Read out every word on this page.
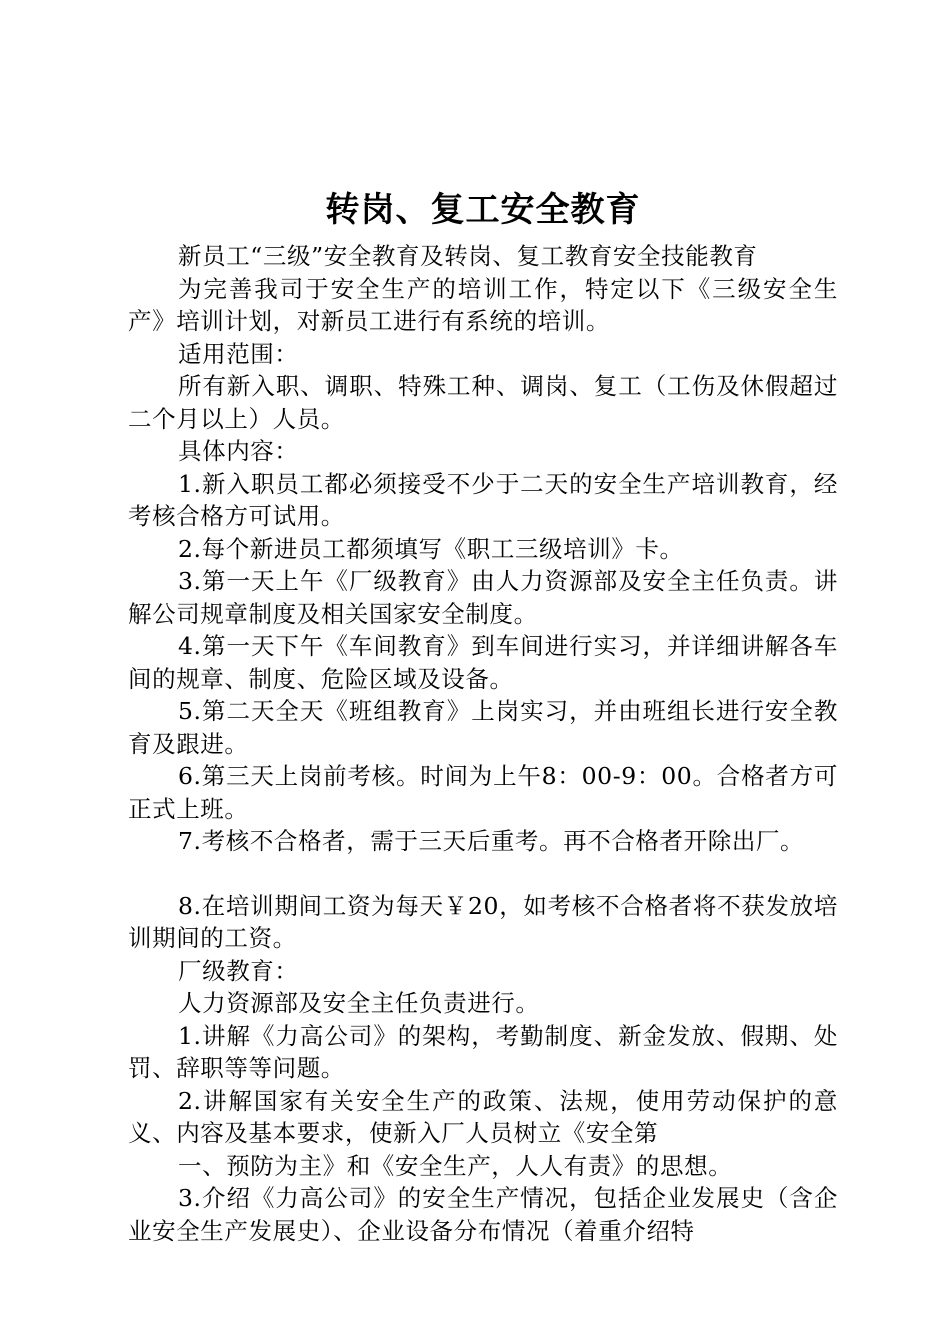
转岗、复工安全教育

新员工“三级”安全教育及转岗、复工教育安全技能教育

为完善我司于安全生产的培训工作，特定以下《三级安全生产》培训计划，对新员工进行有系统的培训。

适用范围：

所有新入职、调职、特殊工种、调岗、复工（工伤及休假超过二个月以上）人员。

具体内容：

1.新入职员工都必须接受不少于二天的安全生产培训教育，经考核合格方可试用。

2.每个新进员工都须填写《职工三级培训》卡。

3.第一天上午《厂级教育》由人力资源部及安全主任负责。讲解公司规章制度及相关国家安全制度。

4.第一天下午《车间教育》到车间进行实习，并详细讲解各车间的规章、制度、危险区域及设备。

5.第二天全天《班组教育》上岗实习，并由班组长进行安全教育及跟进。

6.第三天上岗前考核。时间为上午8：00-9：00。合格者方可正式上班。

7.考核不合格者，需于三天后重考。再不合格者开除出厂。

8.在培训期间工资为每天￥20，如考核不合格者将不获发放培训期间的工资。

厂级教育：

人力资源部及安全主任负责进行。

1.讲解《力高公司》的架构，考勤制度、新金发放、假期、处罚、辞职等等问题。

2.讲解国家有关安全生产的政策、法规，使用劳动保护的意义、内容及基本要求，使新入厂人员树立《安全第

一、预防为主》和《安全生产，人人有责》的思想。

3.介绍《力高公司》的安全生产情况，包括企业发展史（含企业安全生产发展史）、企业设备分布情况（着重介绍特
